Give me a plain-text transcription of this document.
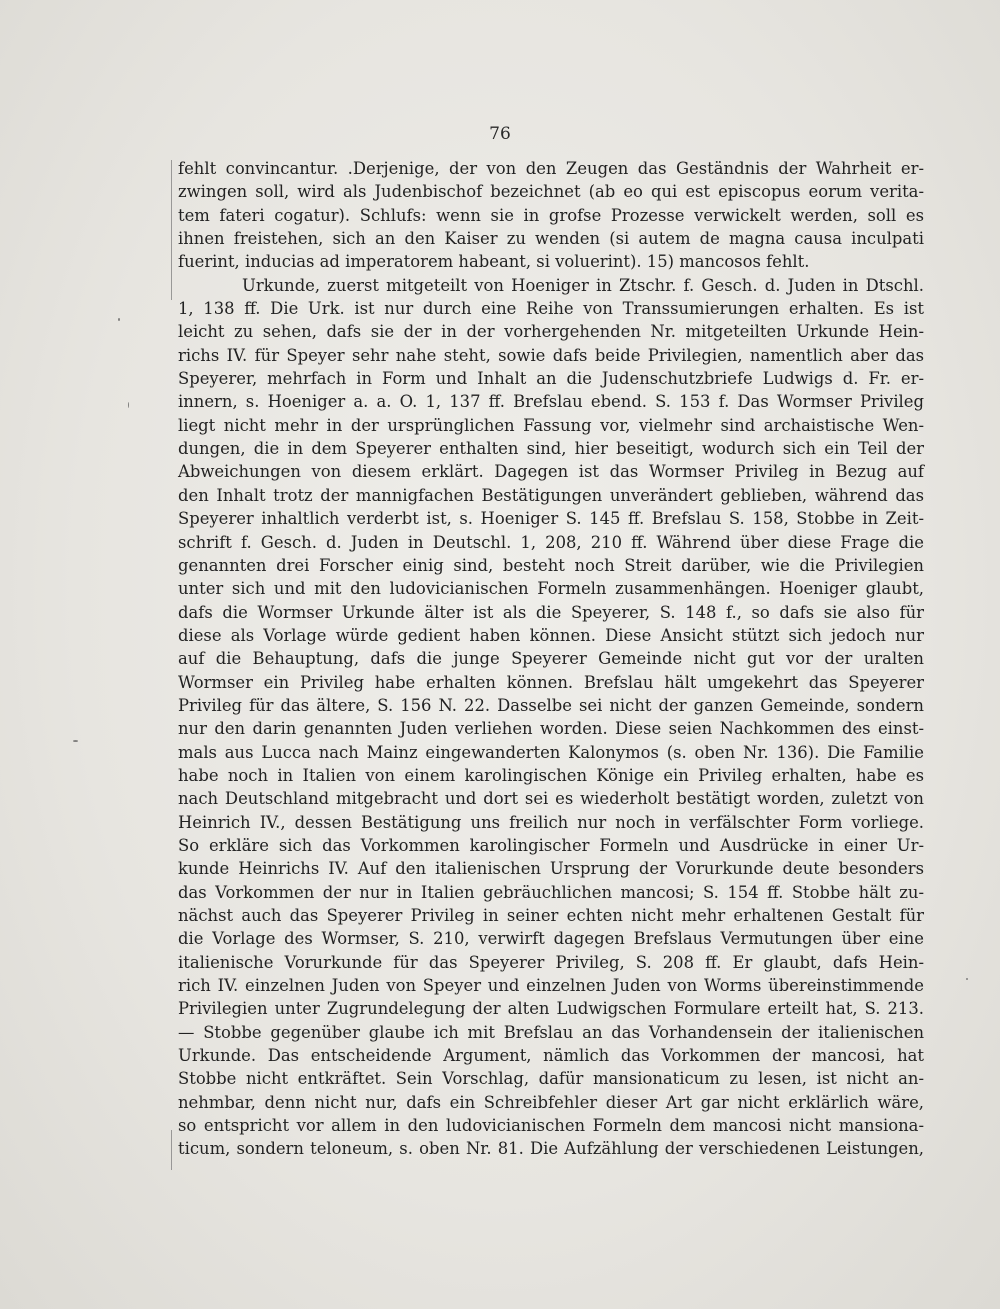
76
fehlt convincantur. .Derjenige, der von den Zeugen das Geständnis der Wahrheit er-
zwingen soll, wird als Judenbischof bezeichnet (ab eo qui est episcopus eorum verita-
tem fateri cogatur). Schlufs: wenn sie in grofse Prozesse verwickelt werden, soll es
ihnen freistehen, sich an den Kaiser zu wenden (si autem de magna causa inculpati
fuerint, inducias ad imperatorem habeant, si voluerint). 15) mancosos fehlt.
Urkunde, zuerst mitgeteilt von Hoeniger in Ztschr. f. Gesch. d. Juden in Dtschl.
1, 138 ff. Die Urk. ist nur durch eine Reihe von Transsumierungen erhalten. Es ist
leicht zu sehen, dafs sie der in der vorhergehenden Nr. mitgeteilten Urkunde Hein-
richs IV. für Speyer sehr nahe steht, sowie dafs beide Privilegien, namentlich aber das
Speyerer, mehrfach in Form und Inhalt an die Judenschutzbriefe Ludwigs d. Fr. er-
innern, s. Hoeniger a. a. O. 1, 137 ff. Brefslau ebend. S. 153 f. Das Wormser Privileg
liegt nicht mehr in der ursprünglichen Fassung vor, vielmehr sind archaistische Wen-
dungen, die in dem Speyerer enthalten sind, hier beseitigt, wodurch sich ein Teil der
Abweichungen von diesem erklärt. Dagegen ist das Wormser Privileg in Bezug auf
den Inhalt trotz der mannigfachen Bestätigungen unverändert geblieben, während das
Speyerer inhaltlich verderbt ist, s. Hoeniger S. 145 ff. Brefslau S. 158, Stobbe in Zeit-
schrift f. Gesch. d. Juden in Deutschl. 1, 208, 210 ff. Während über diese Frage die
genannten drei Forscher einig sind, besteht noch Streit darüber, wie die Privilegien
unter sich und mit den ludovicianischen Formeln zusammenhängen. Hoeniger glaubt,
dafs die Wormser Urkunde älter ist als die Speyerer, S. 148 f., so dafs sie also für
diese als Vorlage würde gedient haben können. Diese Ansicht stützt sich jedoch nur
auf die Behauptung, dafs die junge Speyerer Gemeinde nicht gut vor der uralten
Wormser ein Privileg habe erhalten können. Brefslau hält umgekehrt das Speyerer
Privileg für das ältere, S. 156 N. 22. Dasselbe sei nicht der ganzen Gemeinde, sondern
nur den darin genannten Juden verliehen worden. Diese seien Nachkommen des einst-
mals aus Lucca nach Mainz eingewanderten Kalonymos (s. oben Nr. 136). Die Familie
habe noch in Italien von einem karolingischen Könige ein Privileg erhalten, habe es
nach Deutschland mitgebracht und dort sei es wiederholt bestätigt worden, zuletzt von
Heinrich IV., dessen Bestätigung uns freilich nur noch in verfälschter Form vorliege.
So erkläre sich das Vorkommen karolingischer Formeln und Ausdrücke in einer Ur-
kunde Heinrichs IV. Auf den italienischen Ursprung der Vorurkunde deute besonders
das Vorkommen der nur in Italien gebräuchlichen mancosi; S. 154 ff. Stobbe hält zu-
nächst auch das Speyerer Privileg in seiner echten nicht mehr erhaltenen Gestalt für
die Vorlage des Wormser, S. 210, verwirft dagegen Brefslaus Vermutungen über eine
italienische Vorurkunde für das Speyerer Privileg, S. 208 ff. Er glaubt, dafs Hein-
rich IV. einzelnen Juden von Speyer und einzelnen Juden von Worms übereinstimmende
Privilegien unter Zugrundelegung der alten Ludwigschen Formulare erteilt hat, S. 213.
— Stobbe gegenüber glaube ich mit Brefslau an das Vorhandensein der italienischen
Urkunde. Das entscheidende Argument, nämlich das Vorkommen der mancosi, hat
Stobbe nicht entkräftet. Sein Vorschlag, dafür mansionaticum zu lesen, ist nicht an-
nehmbar, denn nicht nur, dafs ein Schreibfehler dieser Art gar nicht erklärlich wäre,
so entspricht vor allem in den ludovicianischen Formeln dem mancosi nicht mansiona-
ticum, sondern teloneum, s. oben Nr. 81. Die Aufzählung der verschiedenen Leistungen,
